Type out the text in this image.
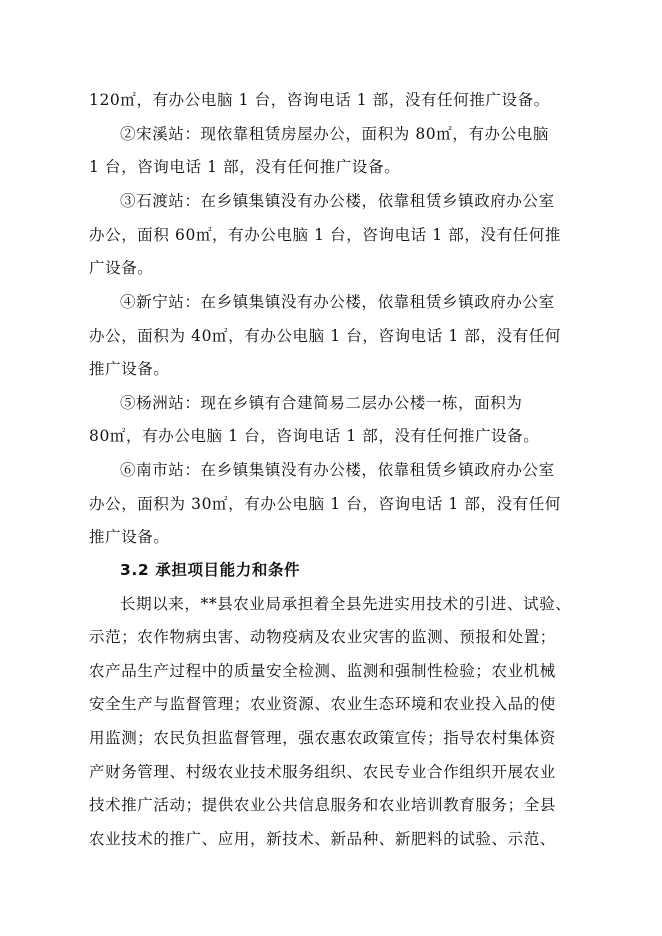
120㎡，有办公电脑 1 台，咨询电话 1 部，没有任何推广设备。
②宋溪站：现依靠租赁房屋办公，面积为 80㎡，有办公电脑
1 台，咨询电话 1 部，没有任何推广设备。
③石渡站：在乡镇集镇没有办公楼，依靠租赁乡镇政府办公室
办公，面积 60㎡，有办公电脑 1 台，咨询电话 1 部，没有任何推
广设备。
④新宁站：在乡镇集镇没有办公楼，依靠租赁乡镇政府办公室
办公，面积为 40㎡，有办公电脑 1 台，咨询电话 1 部，没有任何
推广设备。
⑤杨洲站：现在乡镇有合建简易二层办公楼一栋，面积为
80㎡，有办公电脑 1 台，咨询电话 1 部，没有任何推广设备。
⑥南市站：在乡镇集镇没有办公楼，依靠租赁乡镇政府办公室
办公，面积为 30㎡，有办公电脑 1 台，咨询电话 1 部，没有任何
推广设备。
3.2 承担项目能力和条件
长期以来，**县农业局承担着全县先进实用技术的引进、试验、
示范；农作物病虫害、动物疫病及农业灾害的监测、预报和处置；
农产品生产过程中的质量安全检测、监测和强制性检验；农业机械
安全生产与监督管理；农业资源、农业生态环境和农业投入品的使
用监测；农民负担监督管理，强农惠农政策宣传；指导农村集体资
产财务管理、村级农业技术服务组织、农民专业合作组织开展农业
技术推广活动；提供农业公共信息服务和农业培训教育服务；全县
农业技术的推广、应用，新技术、新品种、新肥料的试验、示范、
